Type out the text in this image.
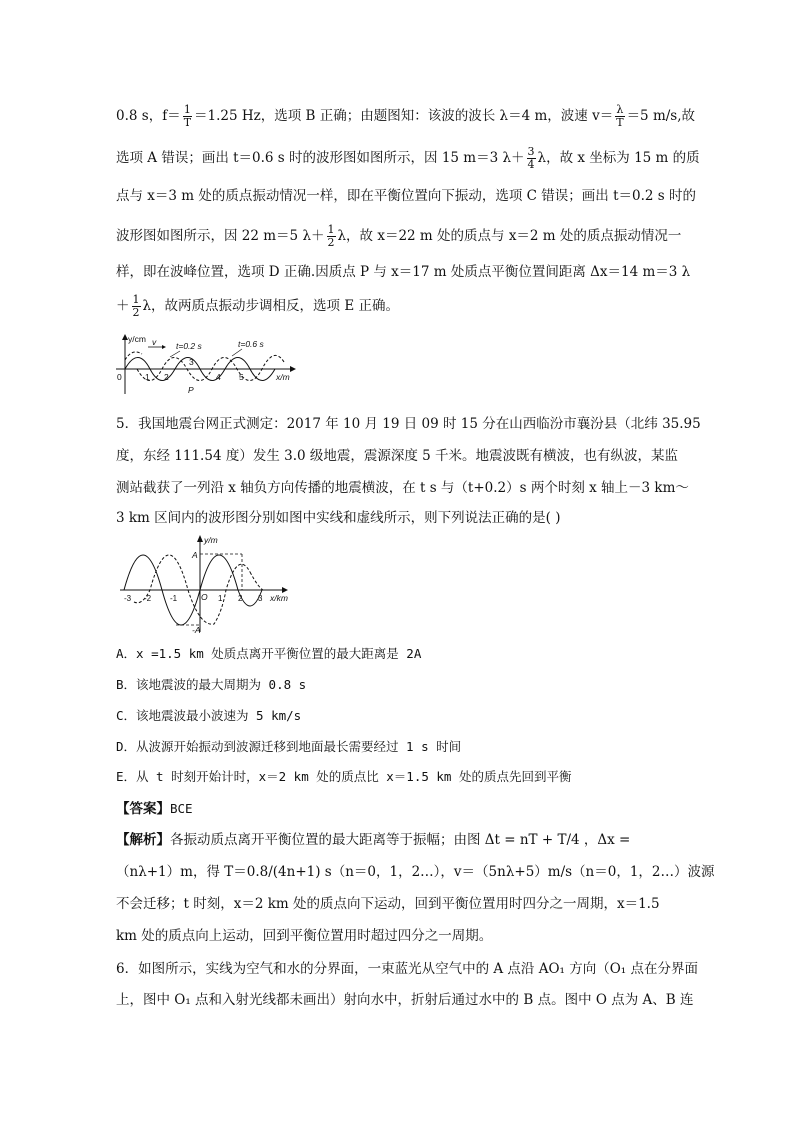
0.8 s，$f= \frac{1}{T} =1.25$ Hz，选项 B 正确；由题图知：该波的波长 λ＝4 m，波速 $v= \frac{\lambda}{T} =5$ m/s,故
选项 A 错误；画出 t＝0.6 s 时的波形图如图所示，因 15 m＝3 $\lambda+ \frac{3}{4}$ λ，故 x 坐标为 15 m 的质
点与 x＝3 m 处的质点振动情况一样，即在平衡位置向下振动，选项 C 错误；画出 t＝0.2 s 时的
波形图如图所示，因 22 m＝5 $\lambda+ \frac{1}{2}$ λ，故 x＝22 m 处的质点与 x＝2 m 处的质点振动情况一
样，即在波峰位置，选项 D 正确.因质点 P 与 x＝17 m 处质点平衡位置间距离 Δx＝14 m＝3 λ
＋ $\frac{1}{2}$ λ，故两质点振动步调相反，选项 E 正确。
y/cm v t=0.2 s	t=0.6 s
0	1 2
3
4 5
P
x/m
5．我国地震台网正式测定：2017 年 10 月 19 日 09 时 15 分在山西临汾市襄汾县（北纬 35.95
度，东经 111.54 度）发生 3.0 级地震，震源深度 5 千米。地震波既有横波，也有纵波，某监
测站截获了一列沿 x 轴负方向传播的地震横波，在 t s 与（t+0.2）s 两个时刻 x 轴上－3 km～
3 km 区间内的波形图分别如图中实线和虚线所示，则下列说法正确的是( )
y/m
A
-A
O
-3 -2 -1	1 2 3 x/km
A．x =1.5 km 处质点离开平衡位置的最大距离是 2A
B．该地震波的最大周期为 0.8 s
C．该地震波最小波速为 5 km/s
D．从波源开始振动到波源迁移到地面最长需要经过 1 s 时间
E．从 t 时刻开始计时，x＝2 km 处的质点比 x＝1.5 km 处的质点先回到平衡
【答案】BCE
【解析】各振动质点离开平衡位置的最大距离等于振幅；由图 Δt = nT + T/4 ，Δx =
（nλ+1）m，得 T＝0.8/(4n+1) s（n＝0，1，2…），v＝（5nλ+5）m/s（n＝0，1，2…）波源
不会迁移；t 时刻，x＝2 km 处的质点向下运动，回到平衡位置用时四分之一周期，x＝1.5
km 处的质点向上运动，回到平衡位置用时超过四分之一周期。
6．如图所示，实线为空气和水的分界面，一束蓝光从空气中的 A 点沿 AO₁ 方向（O₁ 点在分界面
上，图中 O₁ 点和入射光线都未画出）射向水中，折射后通过水中的 B 点。图中 O 点为 A、B 连
